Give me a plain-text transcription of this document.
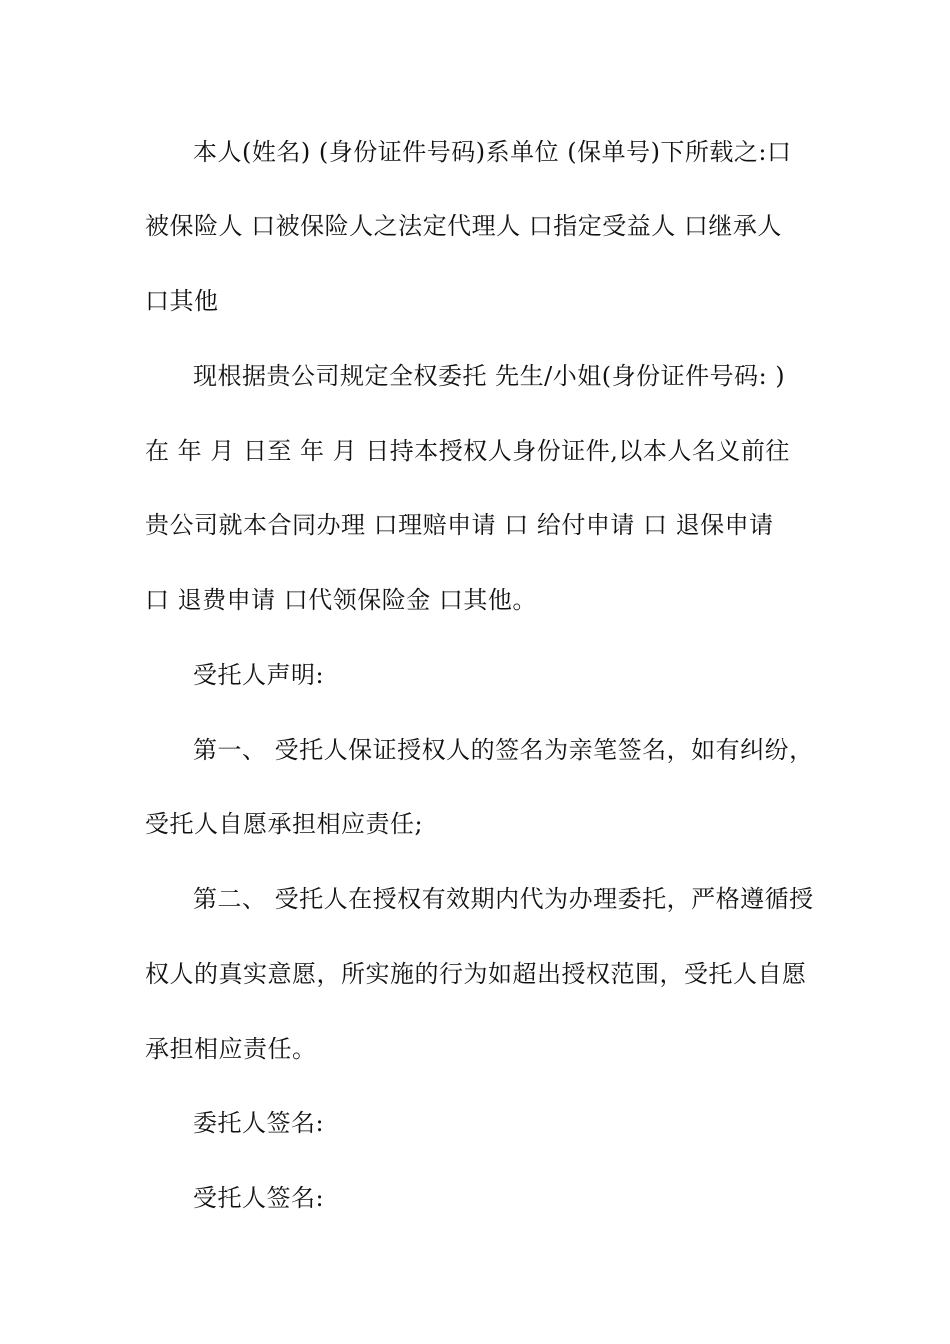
本人(姓名) (身份证件号码)系单位 (保单号)下所载之:口
被保险人 口被保险人之法定代理人 口指定受益人 口继承人
口其他
现根据贵公司规定全权委托 先生/小姐(身份证件号码: )
在 年 月 日至 年 月 日持本授权人身份证件,以本人名义前往
贵公司就本合同办理 口理赔申请 口 给付申请 口 退保申请
口 退费申请 口代领保险金 口其他。
受托人声明:
第一、 受托人保证授权人的签名为亲笔签名，如有纠纷，
受托人自愿承担相应责任;
第二、 受托人在授权有效期内代为办理委托，严格遵循授
权人的真实意愿，所实施的行为如超出授权范围，受托人自愿
承担相应责任。
委托人签名:
受托人签名:
